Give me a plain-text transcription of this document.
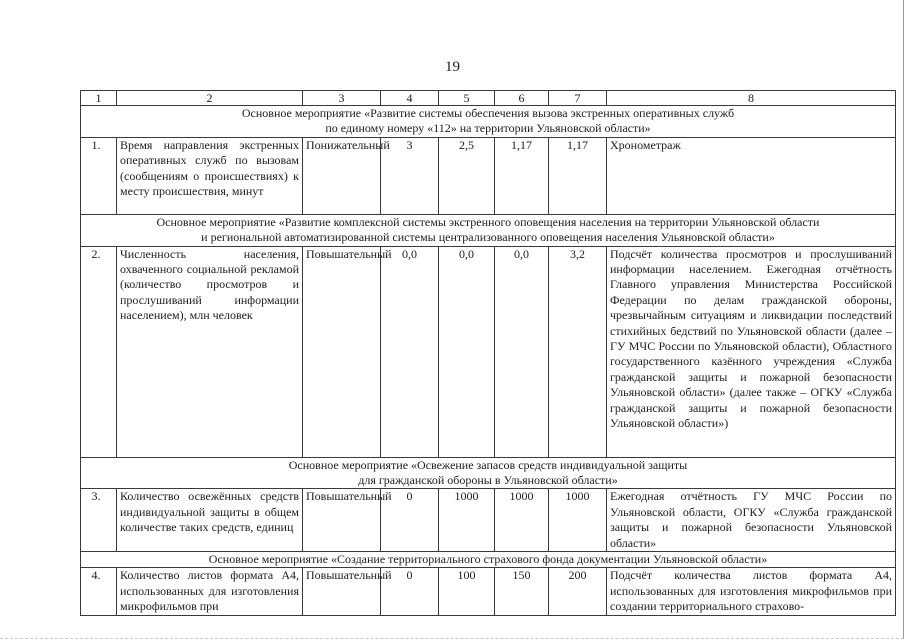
19
1	2	3	4	5	6	7	8

Основное мероприятие «Развитие системы обеспечения вызова экстренных оперативных служб
по единому номеру «112» на территории Ульяновской области»							

1.	Время направления экстренных оперативных служб по вызовам (сообщениям о происшествиях) к месту происшествия, минут	Понижательный	3	2,5	1,17	1,17	Хронометраж

Основное мероприятие «Развитие комплексной системы экстренного оповещения населения на территории Ульяновской области
и региональной автоматизированной системы централизованного оповещения населения Ульяновской области»							

2.	Численность населения, охваченного социальной рекламой (количество просмотров и прослушиваний информации населением), млн человек	Повышательный	0,0	0,0	0,0	3,2	Подсчёт количества просмотров и прослушиваний информации населением. Ежегодная отчётность Главного управления Министерства Российской Федерации по делам гражданской обороны, чрезвычайным ситуациям и ликвидации последствий стихийных бедствий по Ульяновской области (далее – ГУ МЧС России по Ульяновской области), Областного государственного казённого учреждения «Служба гражданской защиты и пожарной безопасности Ульяновской области» (далее также – ОГКУ «Служба гражданской защиты и пожарной безопасности Ульяновской области»)

Основное мероприятие «Освежение запасов средств индивидуальной защиты
для гражданской обороны в Ульяновской области»							

3.	Количество освежённых средств индивидуальной защиты в общем количестве таких средств, единиц	Повышательный	0	1000	1000	1000	Ежегодная отчётность ГУ МЧС России по Ульяновской области, ОГКУ «Служба гражданской защиты и пожарной безопасности Ульяновской области»

Основное мероприятие «Создание территориального страхового фонда документации Ульяновской области»							

4.	Количество листов формата А4, использованных для изготовления микрофильмов при	Повышательный	0	100	150	200	Подсчёт количества листов формата А4, использованных для изготовления микрофильмов при создании территориального страхово-
